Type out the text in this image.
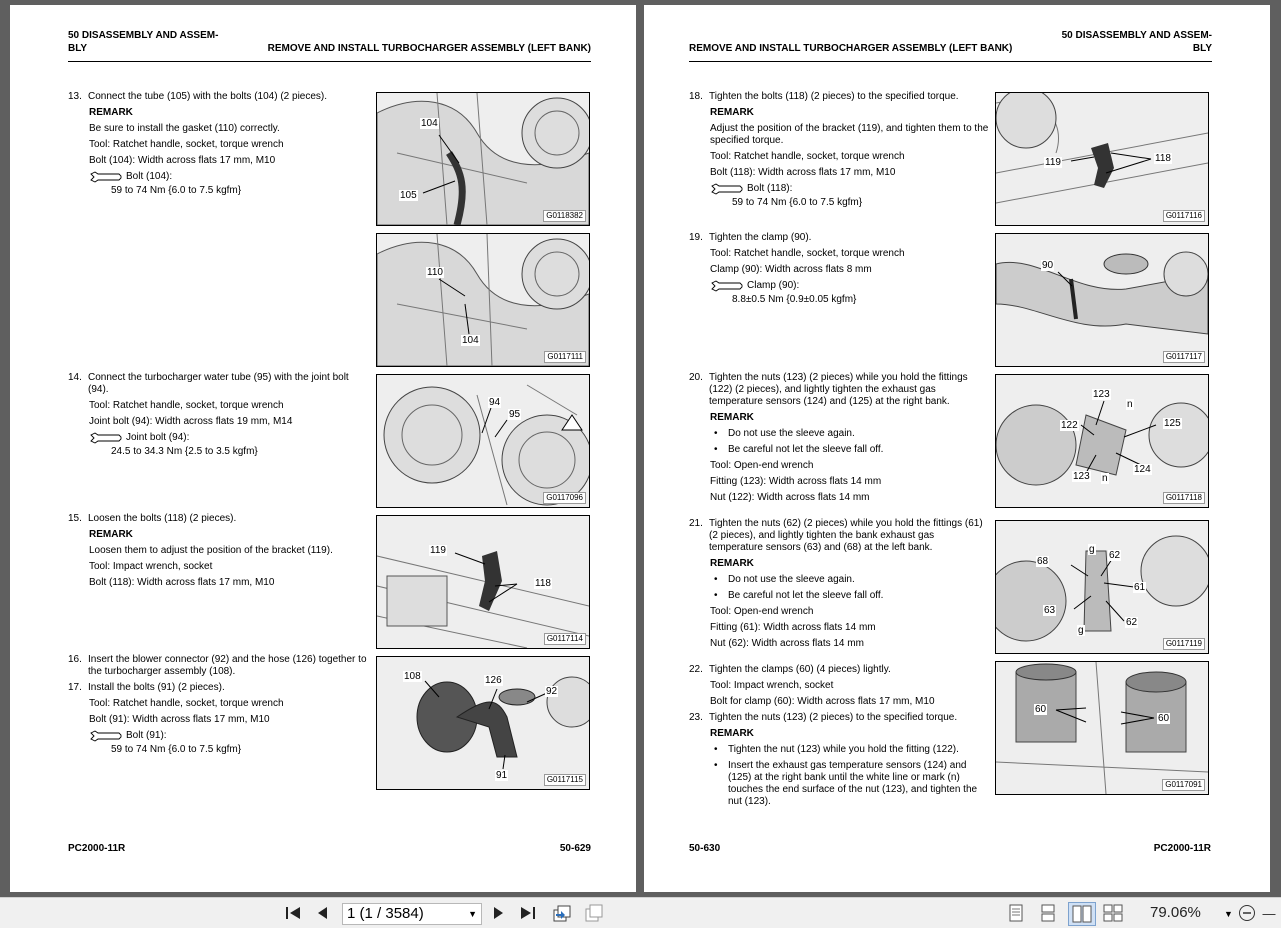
50 DISASSEMBLY AND ASSEM-
BLY	REMOVE AND INSTALL TURBOCHARGER ASSEMBLY (LEFT BANK)
13. Connect the tube (105) with the bolts (104) (2 pieces).
REMARK
Be sure to install the gasket (110) correctly.
Tool: Ratchet handle, socket, torque wrench
Bolt (104): Width across flats 17 mm, M10
Bolt (104):
59 to 74 Nm {6.0 to 7.5 kgfm}
14. Connect the turbocharger water tube (95) with the joint bolt (94).
Tool: Ratchet handle, socket, torque wrench
Joint bolt (94): Width across flats 19 mm, M14
Joint bolt (94):
24.5 to 34.3 Nm {2.5 to 3.5 kgfm}
15. Loosen the bolts (118) (2 pieces).
REMARK
Loosen them to adjust the position of the bracket (119).
Tool: Impact wrench, socket
Bolt (118): Width across flats 17 mm, M10
16. Insert the blower connector (92) and the hose (126) together to the turbocharger assembly (108).
17. Install the bolts (91) (2 pieces).
Tool: Ratchet handle, socket, torque wrench
Bolt (91): Width across flats 17 mm, M10
Bolt (91):
59 to 74 Nm {6.0 to 7.5 kgfm}
104
105
G0118382
110
104
G0117111
94
95
G0117096
119
118
G0117114
108	126
92
91	G0117115
PC2000-11R	50-629
50 DISASSEMBLY AND ASSEM-
BLY
REMOVE AND INSTALL TURBOCHARGER ASSEMBLY (LEFT BANK)
18. Tighten the bolts (118) (2 pieces) to the specified torque.
REMARK
Adjust the position of the bracket (119), and tighten them to the specified torque.
Tool: Ratchet handle, socket, torque wrench
Bolt (118): Width across flats 17 mm, M10
Bolt (118):
59 to 74 Nm {6.0 to 7.5 kgfm}
19. Tighten the clamp (90).
Tool: Ratchet handle, socket, torque wrench
Clamp (90): Width across flats 8 mm
Clamp (90):
8.8±0.5 Nm {0.9±0.05 kgfm}
20. Tighten the nuts (123) (2 pieces) while you hold the fittings (122) (2 pieces), and lightly tighten the exhaust gas temperature sensors (124) and (125) at the right bank.
REMARK
•	Do not use the sleeve again.
•	Be careful not let the sleeve fall off.
Tool: Open-end wrench
Fitting (123): Width across flats 14 mm
Nut (122): Width across flats 14 mm
21. Tighten the nuts (62) (2 pieces) while you hold the fittings (61) (2 pieces), and lightly tighten the bank exhaust gas temperature sensors (63) and (68) at the left bank.
REMARK
•	Do not use the sleeve again.
•	Be careful not let the sleeve fall off.
Tool: Open-end wrench
Fitting (61): Width across flats 14 mm
Nut (62): Width across flats 14 mm
22. Tighten the clamps (60) (4 pieces) lightly.
Tool: Impact wrench, socket
Bolt for clamp (60): Width across flats 17 mm, M10
23. Tighten the nuts (123) (2 pieces) to the specified torque.
REMARK
•	Tighten the nut (123) while you hold the fitting (122).
•	Insert the exhaust gas temperature sensors (124) and (125) at the right bank until the white line or mark (n) touches the end surface of the nut (123), and tighten the nut (123).
119	118
G0117116
90
G0117117
123
n
122	125
124
123 n
G0117118
68
g
62
61
63
62
g
G0117119
60
60
G0117091
50-630	PC2000-11R
1 (1 / 3584)	▼	79.06%	▼ —
